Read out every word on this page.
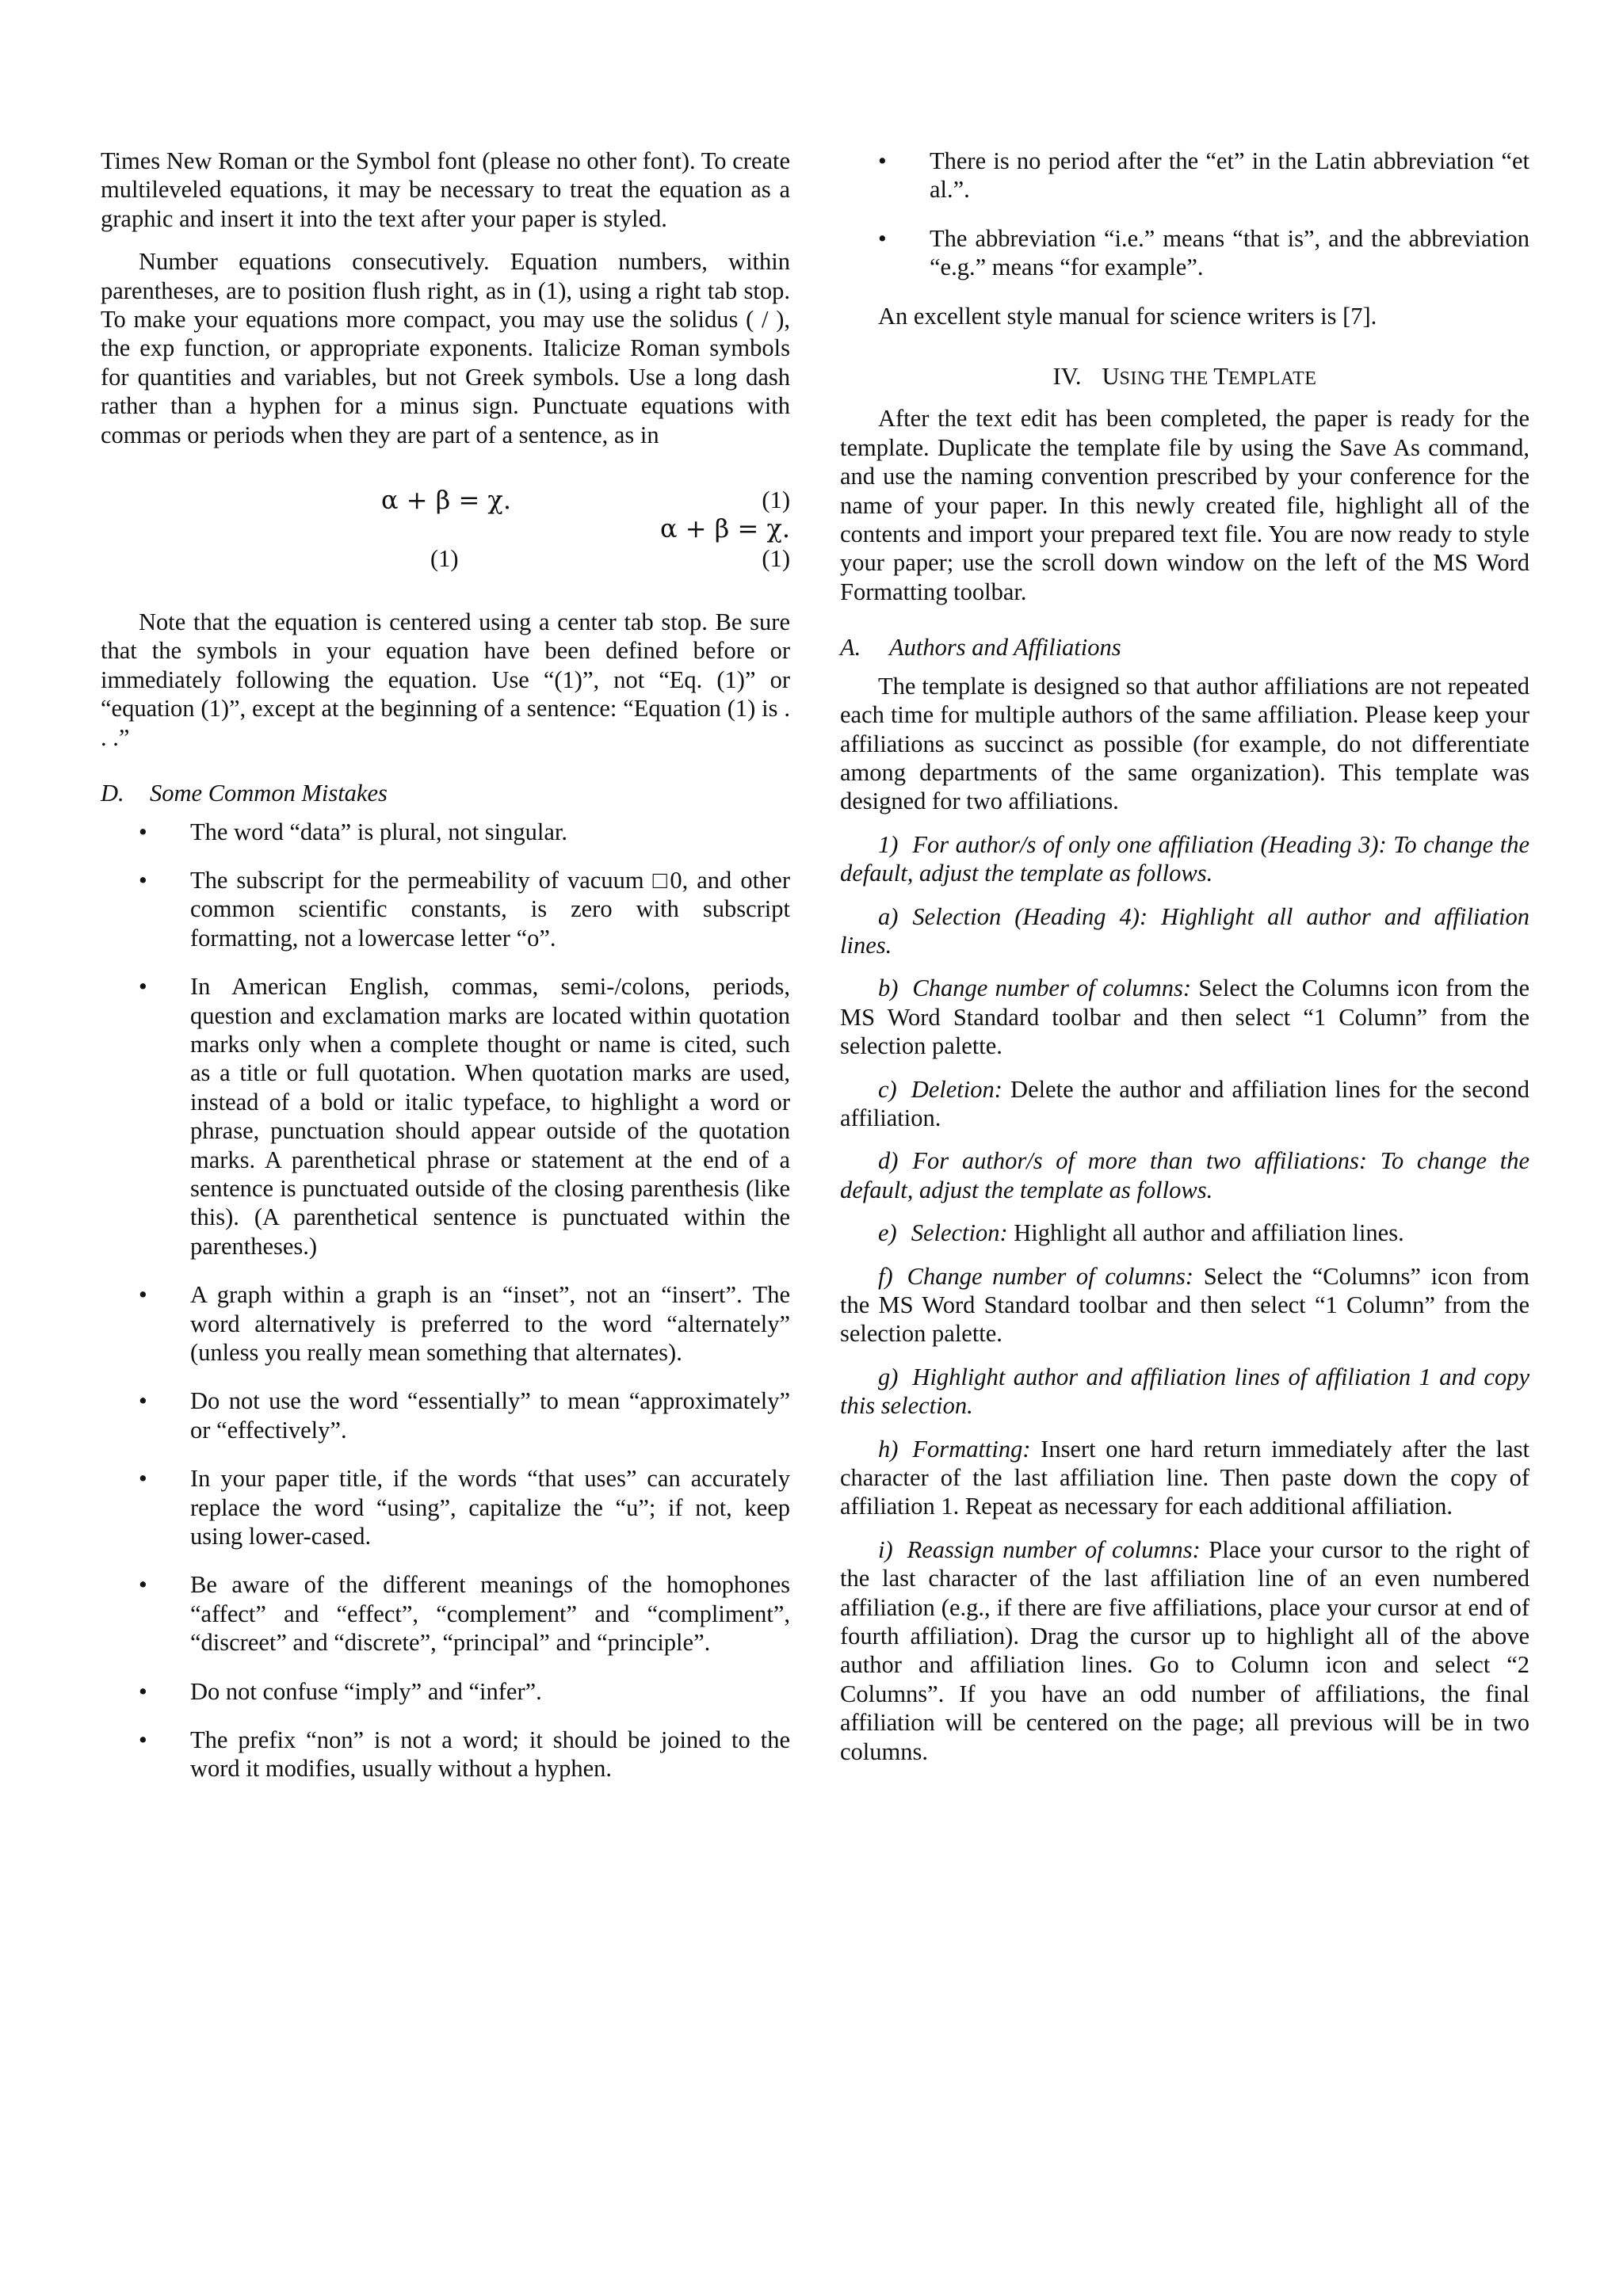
Times New Roman or the Symbol font (please no other font). To create multileveled equations, it may be necessary to treat the equation as a graphic and insert it into the text after your paper is styled.

Number equations consecutively. Equation numbers, within parentheses, are to position flush right, as in (1), using a right tab stop. To make your equations more compact, you may use the solidus ( / ), the exp function, or appropriate exponents. Italicize Roman symbols for quantities and variables, but not Greek symbols. Use a long dash rather than a hyphen for a minus sign. Punctuate equations with commas or periods when they are part of a sentence, as in

α + β = χ.	(1)
α + β = χ.
(1)	(1)

Note that the equation is centered using a center tab stop. Be sure that the symbols in your equation have been defined before or immediately following the equation. Use “(1)”, not “Eq. (1)” or “equation (1)”, except at the beginning of a sentence: “Equation (1) is . . .”

D. Some Common Mistakes
• The word “data” is plural, not singular.
• The subscript for the permeability of vacuum □0, and other common scientific constants, is zero with subscript formatting, not a lowercase letter “o”.
• In American English, commas, semi-/colons, periods, question and exclamation marks are located within quotation marks only when a complete thought or name is cited, such as a title or full quotation. When quotation marks are used, instead of a bold or italic typeface, to highlight a word or phrase, punctuation should appear outside of the quotation marks. A parenthetical phrase or statement at the end of a sentence is punctuated outside of the closing parenthesis (like this). (A parenthetical sentence is punctuated within the parentheses.)
• A graph within a graph is an “inset”, not an “insert”. The word alternatively is preferred to the word “alternately” (unless you really mean something that alternates).
• Do not use the word “essentially” to mean “approximately” or “effectively”.
• In your paper title, if the words “that uses” can accurately replace the word “using”, capitalize the “u”; if not, keep using lower-cased.
• Be aware of the different meanings of the homophones “affect” and “effect”, “complement” and “compliment”, “discreet” and “discrete”, “principal” and “principle”.
• Do not confuse “imply” and “infer”.
• The prefix “non” is not a word; it should be joined to the word it modifies, usually without a hyphen.
• There is no period after the “et” in the Latin abbreviation “et al.”.
• The abbreviation “i.e.” means “that is”, and the abbreviation “e.g.” means “for example”.

An excellent style manual for science writers is [7].

IV. USING THE TEMPLATE

After the text edit has been completed, the paper is ready for the template. Duplicate the template file by using the Save As command, and use the naming convention prescribed by your conference for the name of your paper. In this newly created file, highlight all of the contents and import your prepared text file. You are now ready to style your paper; use the scroll down window on the left of the MS Word Formatting toolbar.

A. Authors and Affiliations

The template is designed so that author affiliations are not repeated each time for multiple authors of the same affiliation. Please keep your affiliations as succinct as possible (for example, do not differentiate among departments of the same organization). This template was designed for two affiliations.

1) For author/s of only one affiliation (Heading 3): To change the default, adjust the template as follows.

a) Selection (Heading 4): Highlight all author and affiliation lines.

b) Change number of columns: Select the Columns icon from the MS Word Standard toolbar and then select “1 Column” from the selection palette.

c) Deletion: Delete the author and affiliation lines for the second affiliation.

d) For author/s of more than two affiliations: To change the default, adjust the template as follows.

e) Selection: Highlight all author and affiliation lines.

f) Change number of columns: Select the “Columns” icon from the MS Word Standard toolbar and then select “1 Column” from the selection palette.

g) Highlight author and affiliation lines of affiliation 1 and copy this selection.

h) Formatting: Insert one hard return immediately after the last character of the last affiliation line. Then paste down the copy of affiliation 1. Repeat as necessary for each additional affiliation.

i) Reassign number of columns: Place your cursor to the right of the last character of the last affiliation line of an even numbered affiliation (e.g., if there are five affiliations, place your cursor at end of fourth affiliation). Drag the cursor up to highlight all of the above author and affiliation lines. Go to Column icon and select “2 Columns”. If you have an odd number of affiliations, the final affiliation will be centered on the page; all previous will be in two columns.
